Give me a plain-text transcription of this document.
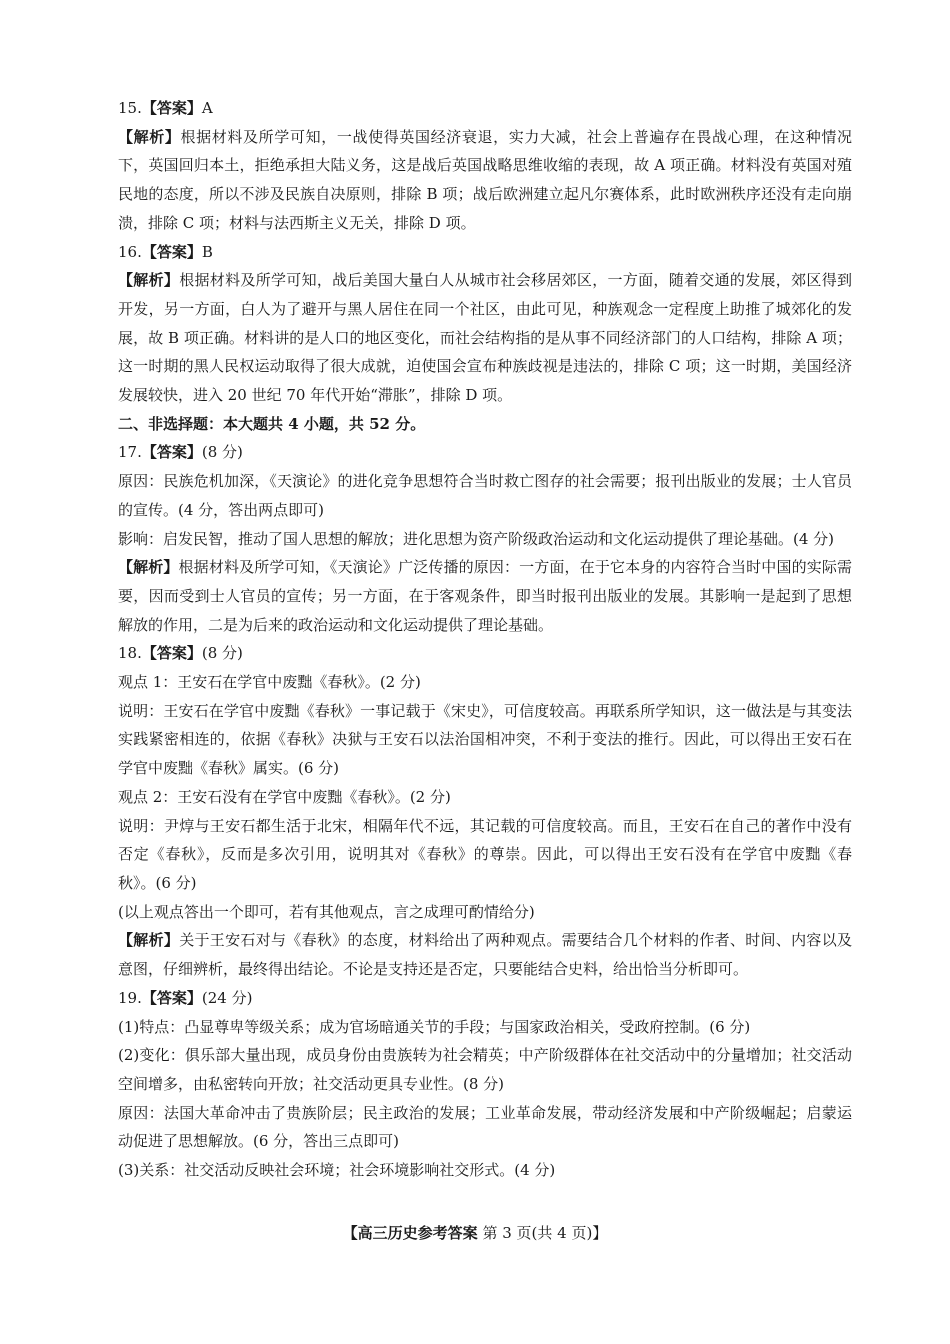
15.【答案】A

【解析】根据材料及所学可知，一战使得英国经济衰退，实力大减，社会上普遍存在畏战心理，在这种情况下，英国回归本土，拒绝承担大陆义务，这是战后英国战略思维收缩的表现，故 A 项正确。材料没有英国对殖民地的态度，所以不涉及民族自决原则，排除 B 项；战后欧洲建立起凡尔赛体系，此时欧洲秩序还没有走向崩溃，排除 C 项；材料与法西斯主义无关，排除 D 项。

16.【答案】B

【解析】根据材料及所学可知，战后美国大量白人从城市社会移居郊区，一方面，随着交通的发展，郊区得到开发，另一方面，白人为了避开与黑人居住在同一个社区，由此可见，种族观念一定程度上助推了城郊化的发展，故 B 项正确。材料讲的是人口的地区变化，而社会结构指的是从事不同经济部门的人口结构，排除 A 项；这一时期的黑人民权运动取得了很大成就，迫使国会宣布种族歧视是违法的，排除 C 项；这一时期，美国经济发展较快，进入 20 世纪 70 年代开始“滞胀”，排除 D 项。

二、非选择题：本大题共 4 小题，共 52 分。

17.【答案】(8 分)

原因：民族危机加深，《天演论》的进化竞争思想符合当时救亡图存的社会需要；报刊出版业的发展；士人官员的宣传。(4 分，答出两点即可)

影响：启发民智，推动了国人思想的解放；进化思想为资产阶级政治运动和文化运动提供了理论基础。(4 分)

【解析】根据材料及所学可知，《天演论》广泛传播的原因：一方面，在于它本身的内容符合当时中国的实际需要，因而受到士人官员的宣传；另一方面，在于客观条件，即当时报刊出版业的发展。其影响一是起到了思想解放的作用，二是为后来的政治运动和文化运动提供了理论基础。

18.【答案】(8 分)

观点 1：王安石在学官中废黜《春秋》。(2 分)

说明：王安石在学官中废黜《春秋》一事记载于《宋史》，可信度较高。再联系所学知识，这一做法是与其变法实践紧密相连的，依据《春秋》决狱与王安石以法治国相冲突，不利于变法的推行。因此，可以得出王安石在学官中废黜《春秋》属实。(6 分)

观点 2：王安石没有在学官中废黜《春秋》。(2 分)

说明：尹焞与王安石都生活于北宋，相隔年代不远，其记载的可信度较高。而且，王安石在自己的著作中没有否定《春秋》，反而是多次引用，说明其对《春秋》的尊崇。因此，可以得出王安石没有在学官中废黜《春秋》。(6 分)

(以上观点答出一个即可，若有其他观点，言之成理可酌情给分)

【解析】关于王安石对与《春秋》的态度，材料给出了两种观点。需要结合几个材料的作者、时间、内容以及意图，仔细辨析，最终得出结论。不论是支持还是否定，只要能结合史料，给出恰当分析即可。

19.【答案】(24 分)

(1)特点：凸显尊卑等级关系；成为官场暗通关节的手段；与国家政治相关，受政府控制。(6 分)

(2)变化：俱乐部大量出现，成员身份由贵族转为社会精英；中产阶级群体在社交活动中的分量增加；社交活动空间增多，由私密转向开放；社交活动更具专业性。(8 分)

原因：法国大革命冲击了贵族阶层；民主政治的发展；工业革命发展，带动经济发展和中产阶级崛起；启蒙运动促进了思想解放。(6 分，答出三点即可)

(3)关系：社交活动反映社会环境；社会环境影响社交形式。(4 分)

【高三历史参考答案 第 3 页(共 4 页)】
